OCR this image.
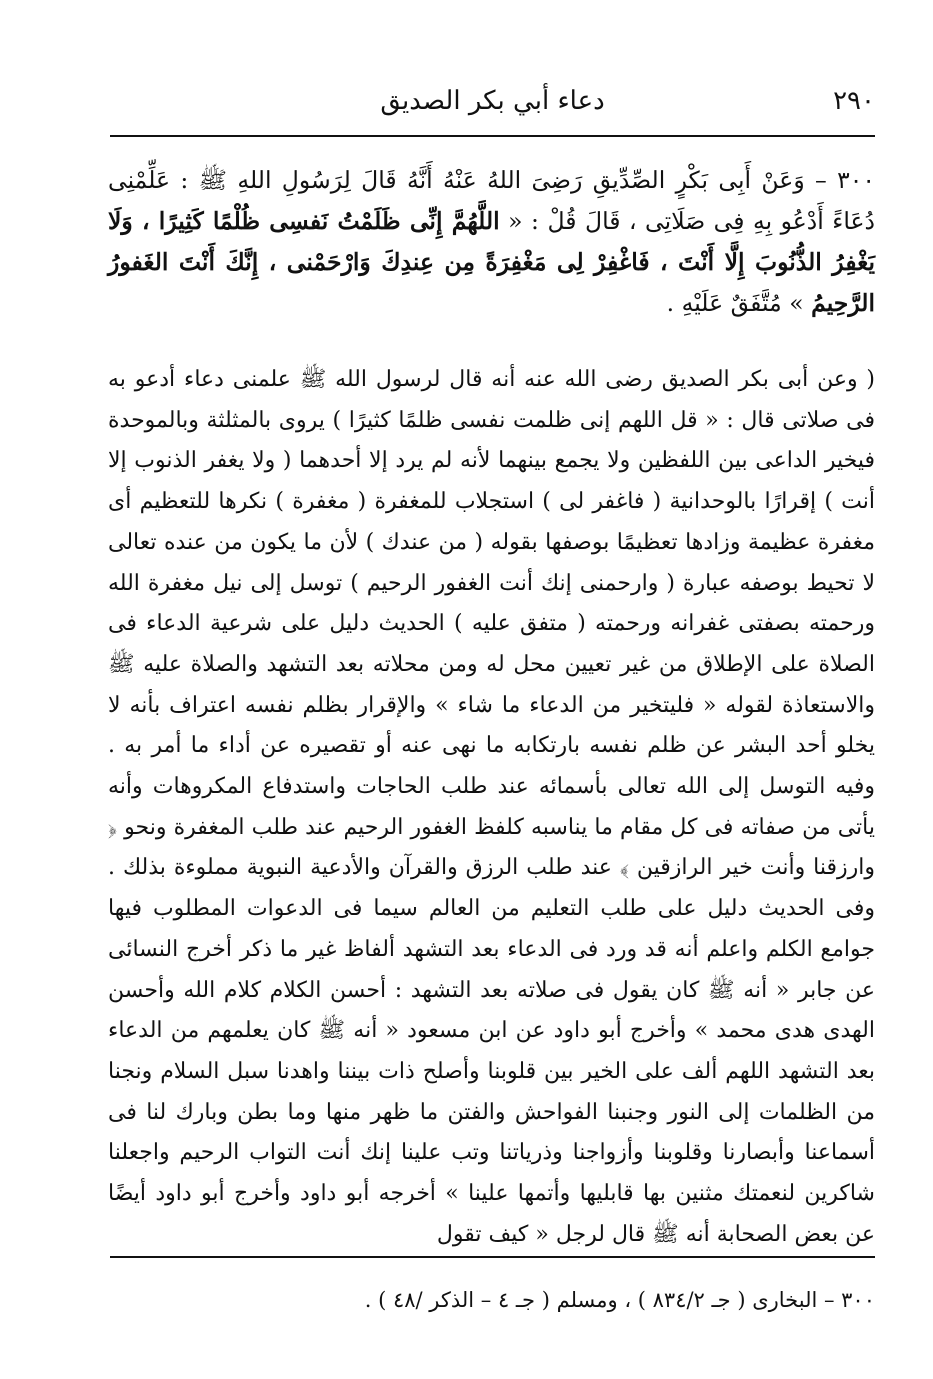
٢٩٠
دعاء أبي بكر الصديق

٣٠٠ – وَعَنْ أَبِى بَكْرٍ الصِّدِّيقِ رَضِىَ اللهُ عَنْهُ أَنَّهُ قَالَ لِرَسُولِ اللهِ ﷺ : عَلِّمْنِى دُعَاءً أَدْعُو بِهِ فِى صَلَاتِى ، قَالَ قُلْ : « اللَّهُمَّ إِنِّى ظَلَمْتُ نَفسِى ظُلْمًا كَثِيرًا ، وَلَا يَغْفِرُ الذُّنُوبَ إِلَّا أَنْتَ ، فَاغْفِرْ لِى مَغْفِرَةً مِن عِندِكَ وَارْحَمْنى ، إِنَّكَ أَنْتَ الغَفورُ الرَّحِيمُ » مُتَّفَقٌ عَلَيْهِ .

( وعن أبى بكر الصديق رضى الله عنه أنه قال لرسول الله ﷺ علمنى دعاء أدعو به فى صلاتى قال : « قل اللهم إنى ظلمت نفسى ظلمًا كثيرًا ) يروى بالمثلثة وبالموحدة فيخير الداعى بين اللفظين ولا يجمع بينهما لأنه لم يرد إلا أحدهما ( ولا يغفر الذنوب إلا أنت ) إقرارًا بالوحدانية ( فاغفر لى ) استجلاب للمغفرة ( مغفرة ) نكرها للتعظيم أى مغفرة عظيمة وزادها تعظيمًا بوصفها بقوله ( من عندك ) لأن ما يكون من عنده تعالى لا تحيط بوصفه عبارة ( وارحمنى إنك أنت الغفور الرحيم ) توسل إلى نيل مغفرة الله ورحمته بصفتى غفرانه ورحمته ( متفق عليه ) الحديث دليل على شرعية الدعاء فى الصلاة على الإطلاق من غير تعيين محل له ومن محلاته بعد التشهد والصلاة عليه ﷺ والاستعاذة لقوله « فليتخير من الدعاء ما شاء » والإقرار بظلم نفسه اعتراف بأنه لا يخلو أحد البشر عن ظلم نفسه بارتكابه ما نهى عنه أو تقصيره عن أداء ما أمر به . وفيه التوسل إلى الله تعالى بأسمائه عند طلب الحاجات واستدفاع المكروهات وأنه يأتى من صفاته فى كل مقام ما يناسبه كلفظ الغفور الرحيم عند طلب المغفرة ونحو ﴿ وارزقنا وأنت خير الرازقين ﴾ عند طلب الرزق والقرآن والأدعية النبوية مملوءة بذلك . وفى الحديث دليل على طلب التعليم من العالم سيما فى الدعوات المطلوب فيها جوامع الكلم واعلم أنه قد ورد فى الدعاء بعد التشهد ألفاظ غير ما ذكر أخرج النسائى عن جابر « أنه ﷺ كان يقول فى صلاته بعد التشهد : أحسن الكلام كلام الله وأحسن الهدى هدى محمد » وأخرج أبو داود عن ابن مسعود « أنه ﷺ كان يعلمهم من الدعاء بعد التشهد اللهم ألف على الخير بين قلوبنا وأصلح ذات بيننا واهدنا سبل السلام ونجنا من الظلمات إلى النور وجنبنا الفواحش والفتن ما ظهر منها وما بطن وبارك لنا فى أسماعنا وأبصارنا وقلوبنا وأزواجنا وذرياتنا وتب علينا إنك أنت التواب الرحيم واجعلنا شاكرين لنعمتك مثنين بها قابليها وأتمها علينا » أخرجه أبو داود وأخرج أبو داود أيضًا عن بعض الصحابة أنه ﷺ قال لرجل « كيف تقول

٣٠٠ – البخارى ( جـ ٨٣٤/٢ ) ، ومسلم ( جـ ٤ – الذكر /٤٨ ) .
